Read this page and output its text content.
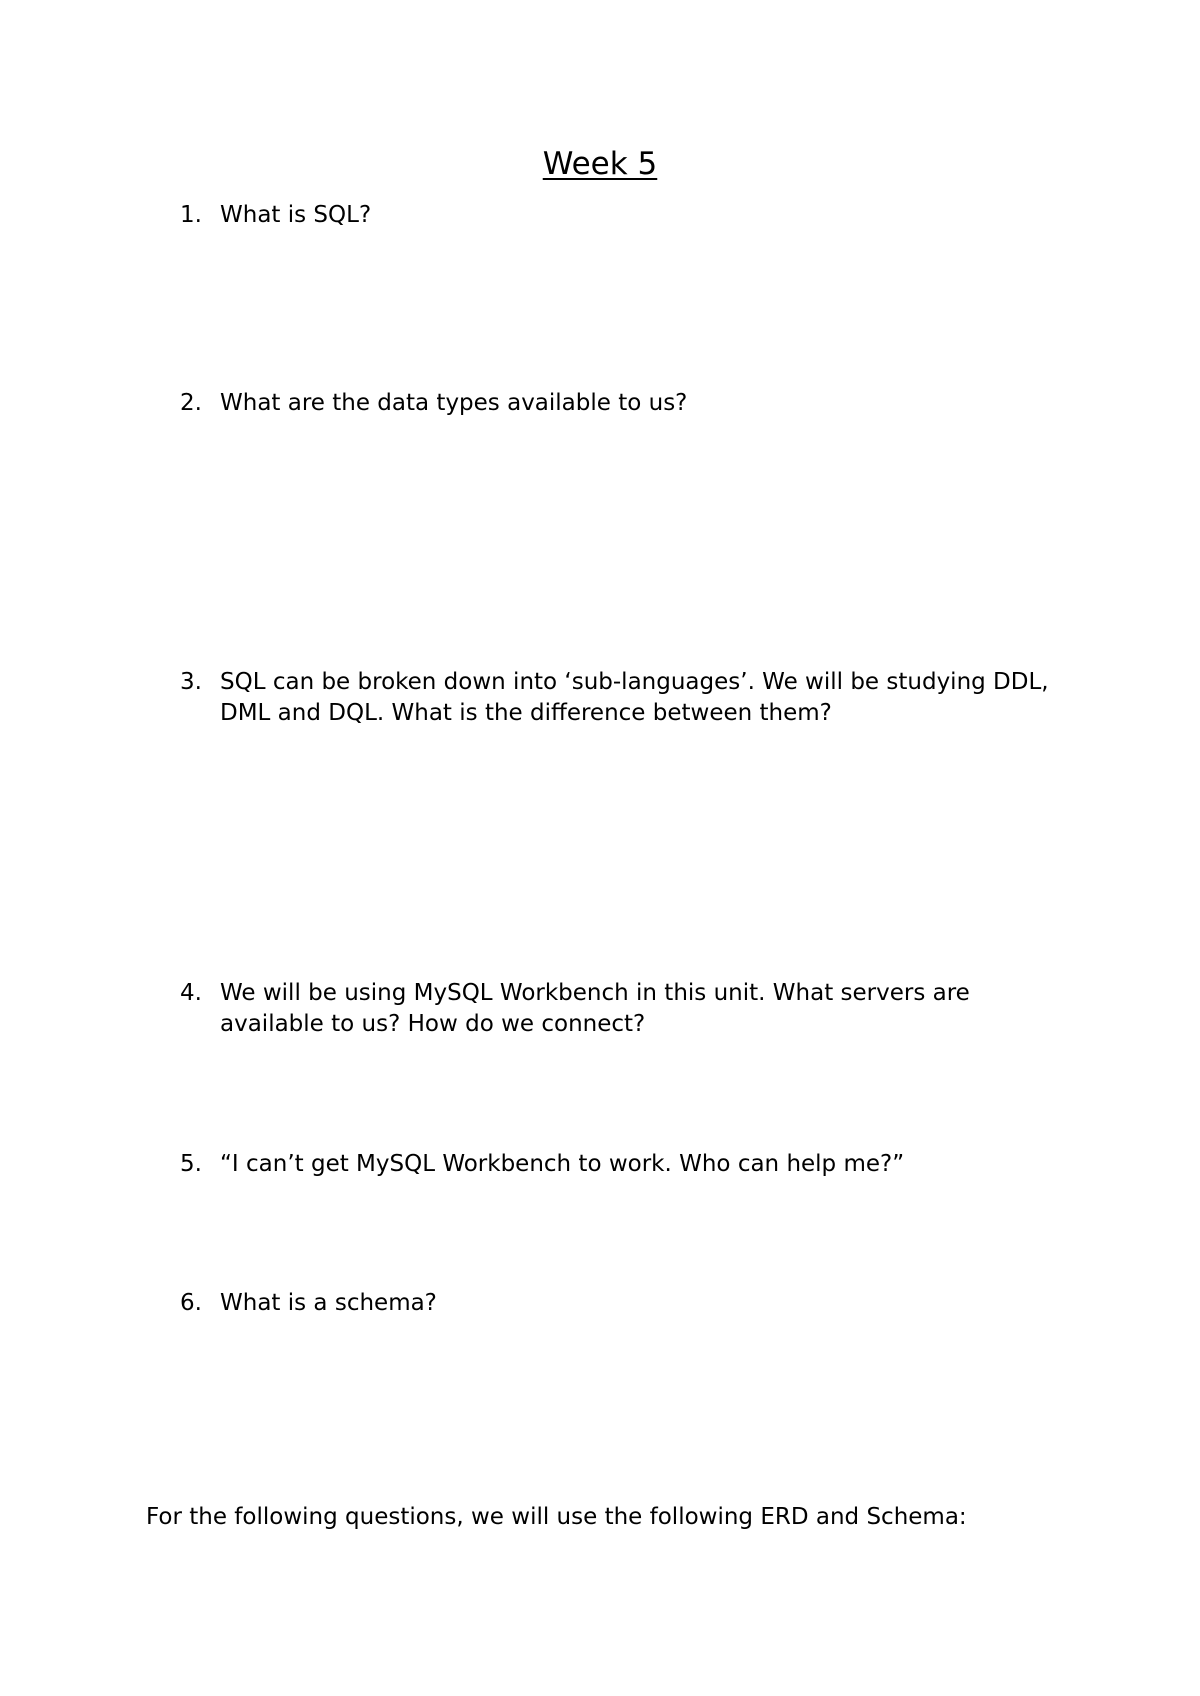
Week 5
1. What is SQL?
2. What are the data types available to us?
3. SQL can be broken down into ‘sub-languages’. We will be studying DDL, DML and DQL. What is the difference between them?
4. We will be using MySQL Workbench in this unit. What servers are available to us? How do we connect?
5. “I can’t get MySQL Workbench to work. Who can help me?”
6. What is a schema?

For the following questions, we will use the following ERD and Schema:
